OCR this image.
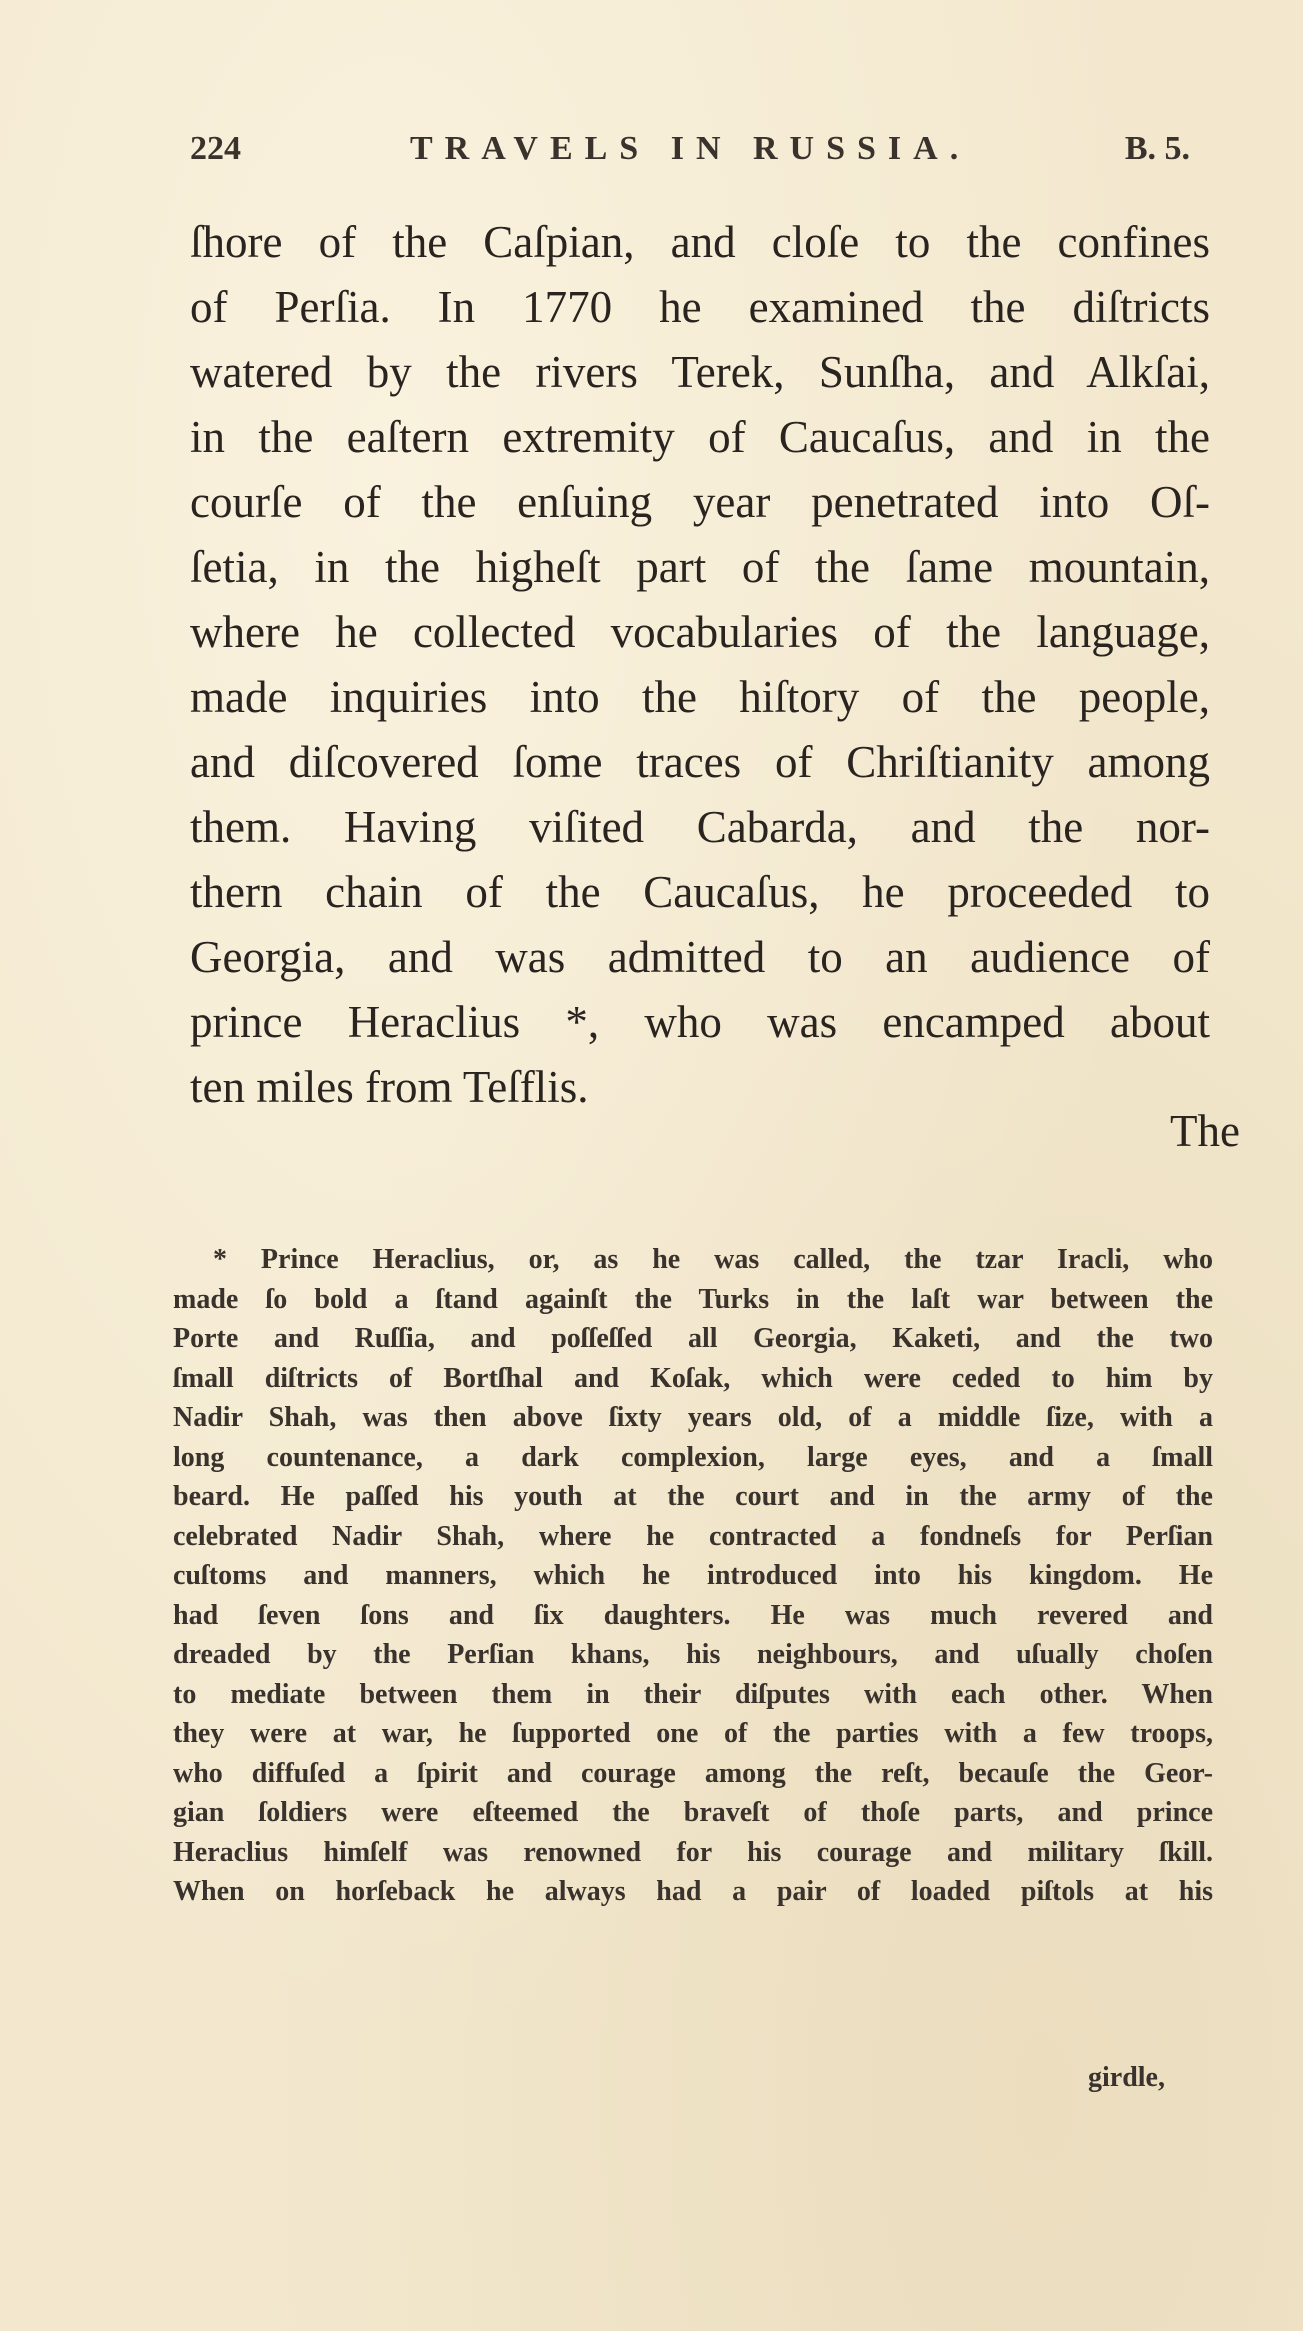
224	TRAVELS IN RUSSIA.	B. 5.
ſhore of the Caſpian, and cloſe to the confines
of Perſia. In 1770 he examined the diſtricts
watered by the rivers Terek, Sunſha, and Alkſai,
in the eaſtern extremity of Caucaſus, and in the
courſe of the enſuing year penetrated into Oſ-
ſetia, in the higheſt part of the ſame mountain,
where he collected vocabularies of the language,
made inquiries into the hiſtory of the people,
and diſcovered ſome traces of Chriſtianity among
them. Having viſited Cabarda, and the nor-
thern chain of the Caucaſus, he proceeded to
Georgia, and was admitted to an audience of
prince Heraclius *, who was encamped about
ten miles from Teſflis.
The
* Prince Heraclius, or, as he was called, the tzar Iracli, who
made ſo bold a ſtand againſt the Turks in the laſt war between the
Porte and Ruſſia, and poſſeſſed all Georgia, Kaketi, and the two
ſmall diſtricts of Bortſhal and Koſak, which were ceded to him by
Nadir Shah, was then above ſixty years old, of a middle ſize, with a
long countenance, a dark complexion, large eyes, and a ſmall
beard. He paſſed his youth at the court and in the army of the
celebrated Nadir Shah, where he contracted a fondneſs for Perſian
cuſtoms and manners, which he introduced into his kingdom. He
had ſeven ſons and ſix daughters. He was much revered and
dreaded by the Perſian khans, his neighbours, and uſually choſen
to mediate between them in their diſputes with each other. When
they were at war, he ſupported one of the parties with a few troops,
who diffuſed a ſpirit and courage among the reſt, becauſe the Geor-
gian ſoldiers were eſteemed the braveſt of thoſe parts, and prince
Heraclius himſelf was renowned for his courage and military ſkill.
When on horſeback he always had a pair of loaded piſtols at his
girdle,
